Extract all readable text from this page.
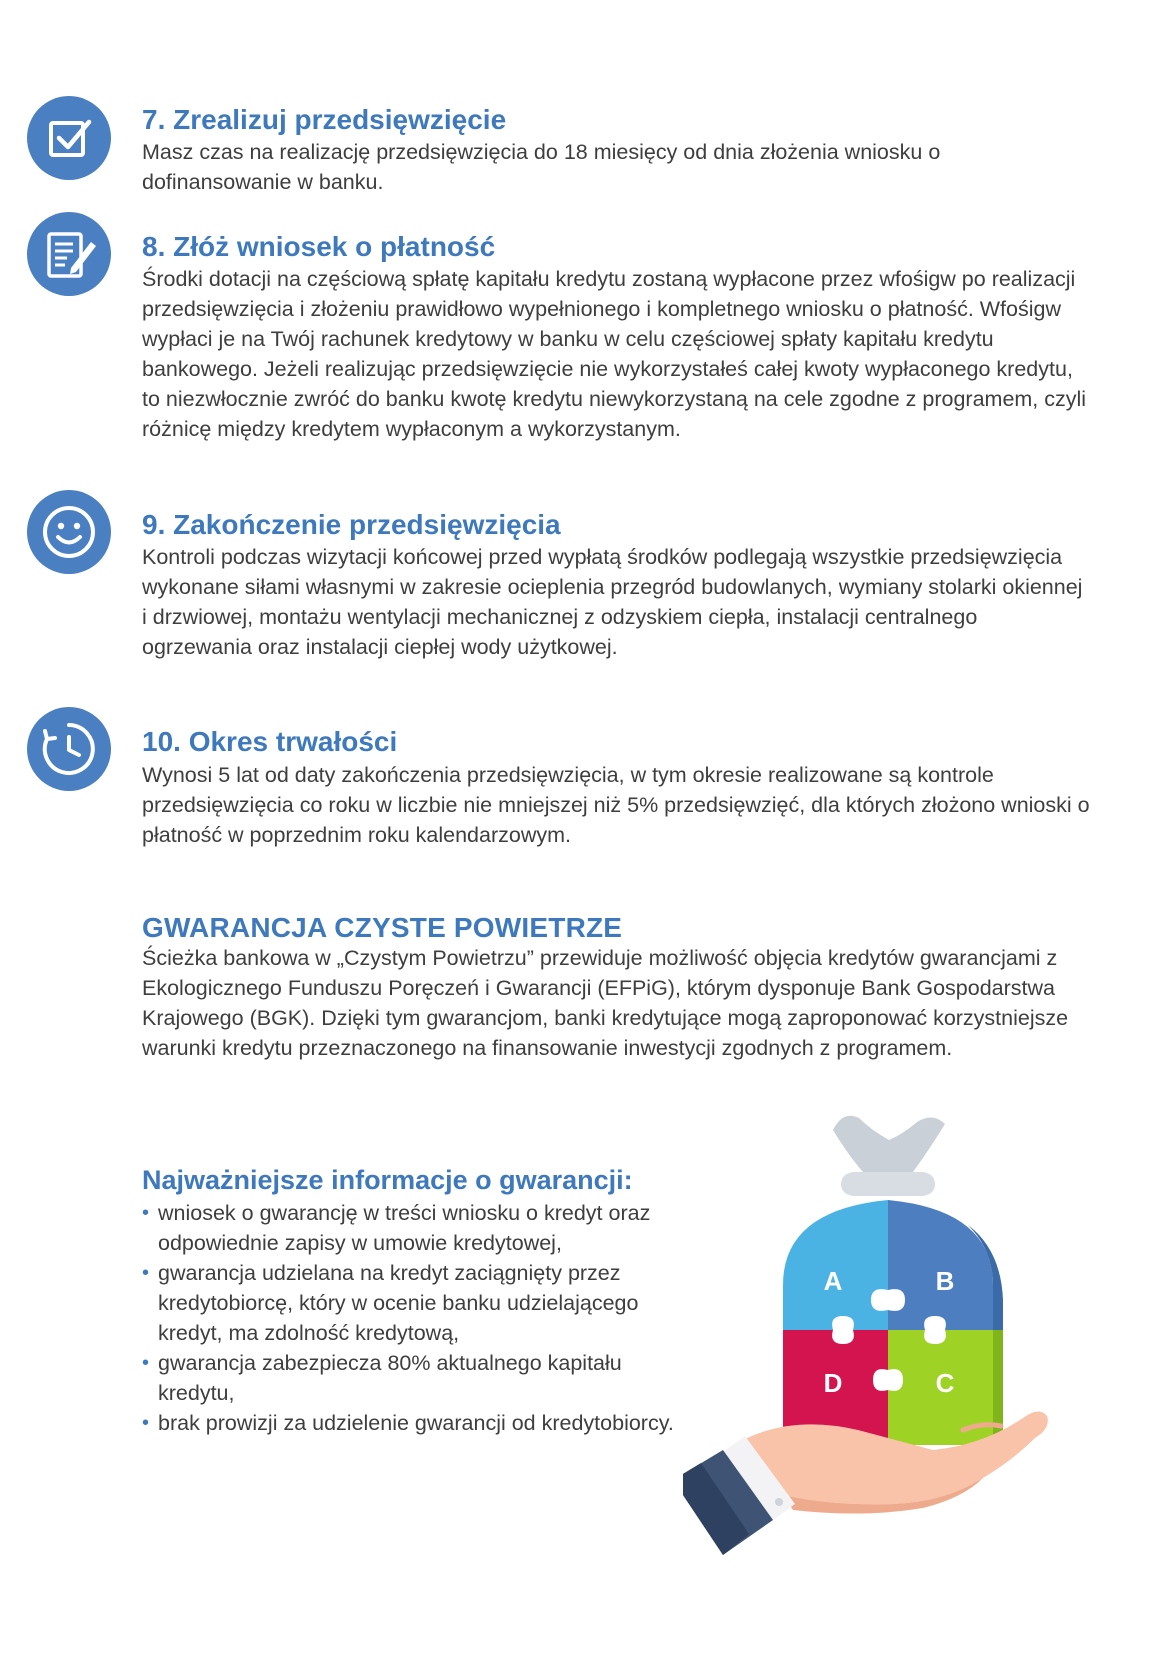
7. Zrealizuj przedsięwzięcie

Masz czas na realizację przedsięwzięcia do 18 miesięcy od dnia złożenia wniosku o dofinansowanie w banku.

8. Złóż wniosek o płatność

Środki dotacji na częściową spłatę kapitału kredytu zostaną wypłacone przez wfośigw po realizacji przedsięwzięcia i złożeniu prawidłowo wypełnionego i kompletnego wniosku o płatność. Wfośigw wypłaci je na Twój rachunek kredytowy w banku w celu częściowej spłaty kapitału kredytu bankowego. Jeżeli realizując przedsięwzięcie nie wykorzystałeś całej kwoty wypłaconego kredytu, to niezwłocznie zwróć do banku kwotę kredytu niewykorzystaną na cele zgodne z programem, czyli różnicę między kredytem wypłaconym a wykorzystanym.

9. Zakończenie przedsięwzięcia

Kontroli podczas wizytacji końcowej przed wypłatą środków podlegają wszystkie przedsięwzięcia wykonane siłami własnymi w zakresie ocieplenia przegród budowlanych, wymiany stolarki okiennej i drzwiowej, montażu wentylacji mechanicznej z odzyskiem ciepła, instalacji centralnego ogrzewania oraz instalacji ciepłej wody użytkowej.

10. Okres trwałości

Wynosi 5 lat od daty zakończenia przedsięwzięcia, w tym okresie realizowane są kontrole przedsięwzięcia co roku w liczbie nie mniejszej niż 5% przedsięwzięć, dla których złożono wnioski o płatność w poprzednim roku kalendarzowym.

GWARANCJA CZYSTE POWIETRZE

Ścieżka bankowa w „Czystym Powietrzu” przewiduje możliwość objęcia kredytów gwarancjami z Ekologicznego Funduszu Poręczeń i Gwarancji (EFPiG), którym dysponuje Bank Gospodarstwa Krajowego (BGK). Dzięki tym gwarancjom, banki kredytujące mogą zaproponować korzystniejsze warunki kredytu przeznaczonego na finansowanie inwestycji zgodnych z programem.

Najważniejsze informacje o gwarancji:
• wniosek o gwarancję w treści wniosku o kredyt oraz odpowiednie zapisy w umowie kredytowej,
• gwarancja udzielana na kredyt zaciągnięty przez kredytobiorcę, który w ocenie banku udzielającego kredyt, ma zdolność kredytową,
• gwarancja zabezpiecza 80% aktualnego kapitału kredytu,
• brak prowizji za udzielenie gwarancji od kredytobiorcy.
A	B
D	C
